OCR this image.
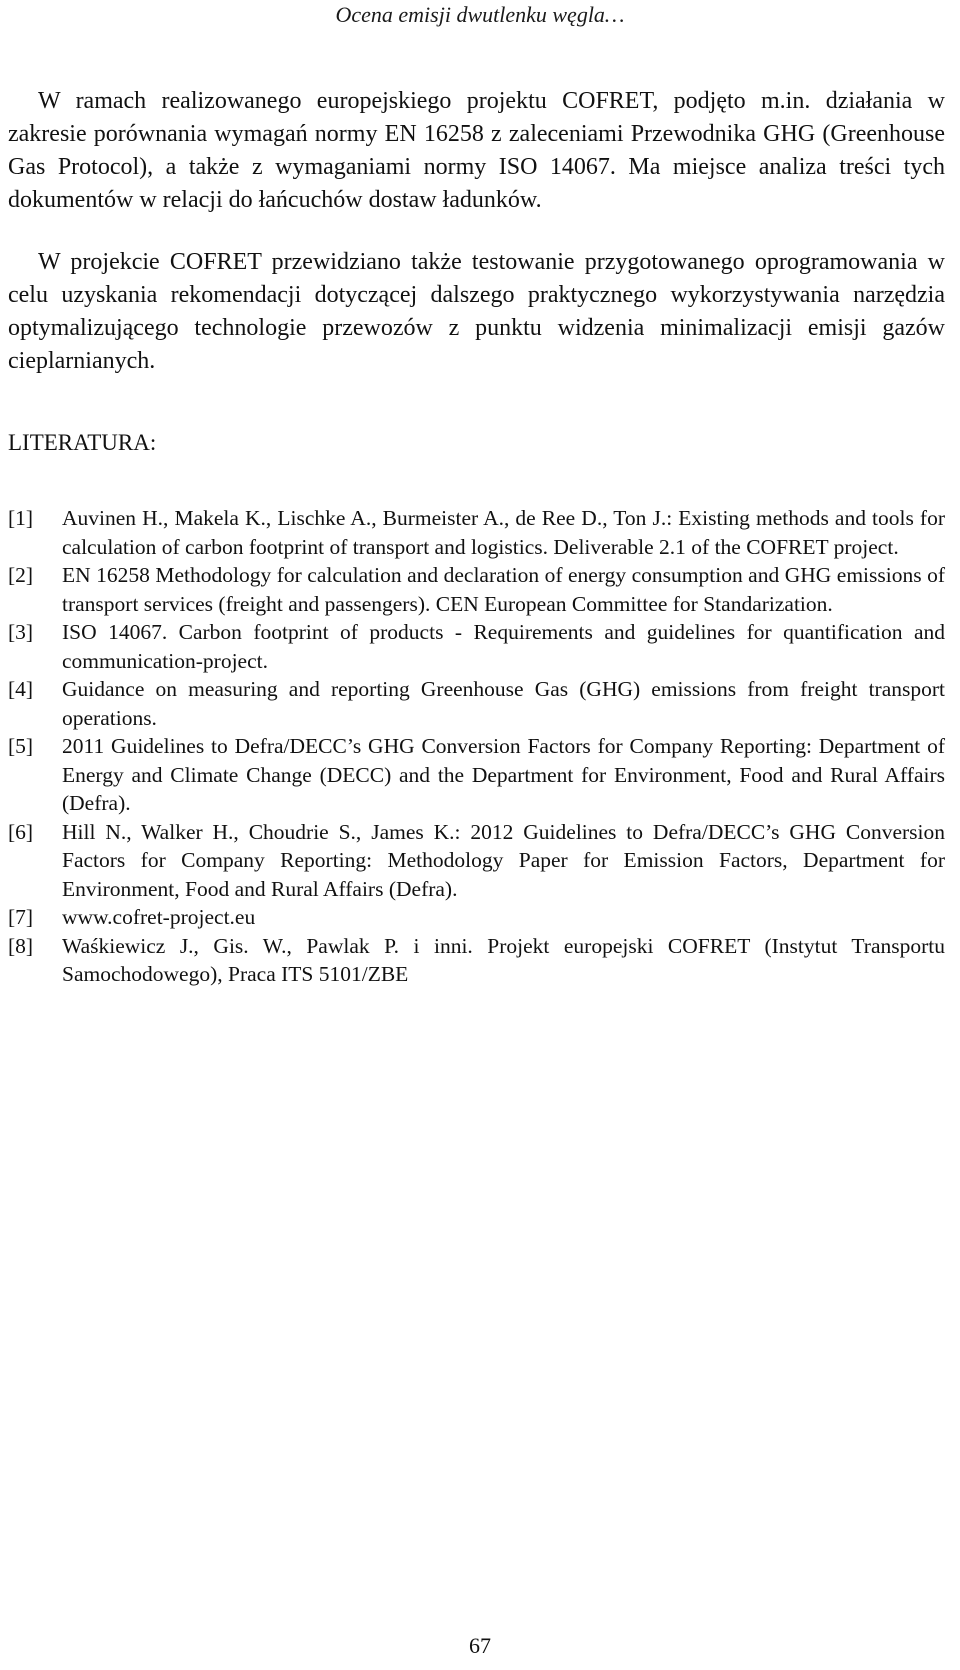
Ocena emisji dwutlenku węgla…

W ramach realizowanego europejskiego projektu COFRET, podjęto m.in. działania w zakresie porównania wymagań normy EN 16258 z zaleceniami Przewodnika GHG (Greenhouse Gas Protocol), a także z wymaganiami normy ISO 14067. Ma miejsce analiza treści tych dokumentów w relacji do łańcuchów dostaw ładunków.

W projekcie COFRET przewidziano także testowanie przygotowanego oprogramowania w celu uzyskania rekomendacji dotyczącej dalszego praktycznego wykorzystywania narzędzia optymalizującego technologie przewozów z punktu widzenia minimalizacji emisji gazów cieplarnianych.

LITERATURA:
[1]	Auvinen H., Makela K., Lischke A., Burmeister A., de Ree D., Ton J.: Existing methods and tools for calculation of carbon footprint of transport and logistics. Deliverable 2.1 of the COFRET project.
[2]	EN 16258 Methodology for calculation and declaration of energy consumption and GHG emissions of transport services (freight and passengers). CEN European Committee for Standarization.
[3]	ISO 14067. Carbon footprint of products - Requirements and guidelines for quantification and communication-project.
[4]	Guidance on measuring and reporting Greenhouse Gas (GHG) emissions from freight transport operations.
[5]	2011 Guidelines to Defra/DECC’s GHG Conversion Factors for Company Reporting: Department of Energy and Climate Change (DECC) and the Department for Environment, Food and Rural Affairs (Defra).
[6]	Hill N., Walker H., Choudrie S., James K.: 2012 Guidelines to Defra/DECC’s GHG Conversion Factors for Company Reporting: Methodology Paper for Emission Factors, Department for Environment, Food and Rural Affairs (Defra).
[7]	www.cofret-project.eu
[8]	Waśkiewicz J., Gis. W., Pawlak P. i inni. Projekt europejski COFRET (Instytut Transportu Samochodowego), Praca ITS 5101/ZBE
67
